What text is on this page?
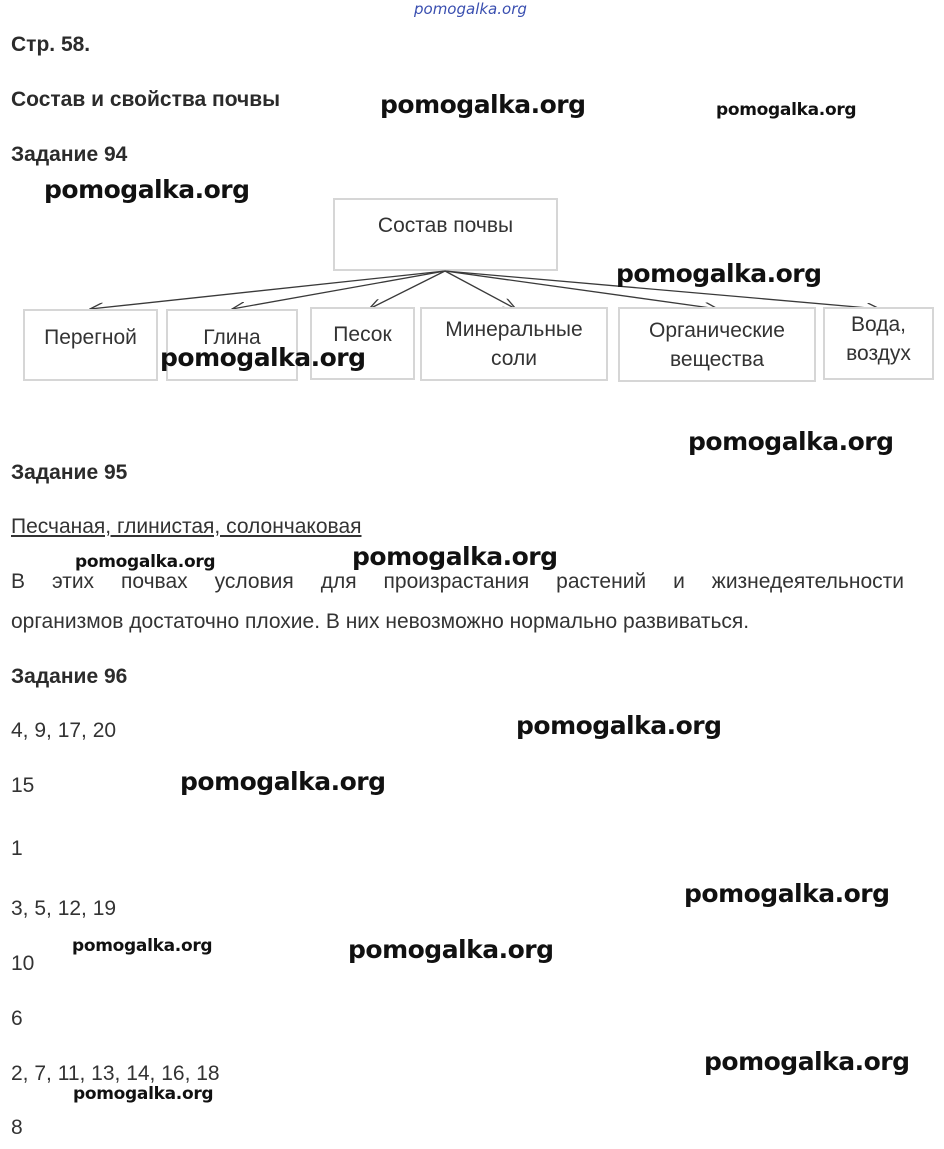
pomogalka.org
Стр. 58.
Состав и свойства почвы
Задание 94
Состав почвы
Перегной	Глина	Песок	Минеральные
соли
Органические
вещества
Вода,
воздух
Задание 95
Песчаная, глинистая, солончаковая
В этих почвах условия для произрастания растений и жизнедеятельности
организмов достаточно плохие. В них невозможно нормально развиваться.
Задание 96
4, 9, 17, 20
15
1
3, 5, 12, 19
10
6
2, 7, 11, 13, 14, 16, 18
8
pomogalka.org	pomogalka.org
pomogalka.org
pomogalka.org
pomogalka.org
pomogalka.org
pomogalka.org	pomogalka.org
pomogalka.org
pomogalka.org
pomogalka.org
pomogalka.org	pomogalka.org
pomogalka.org
pomogalka.org
